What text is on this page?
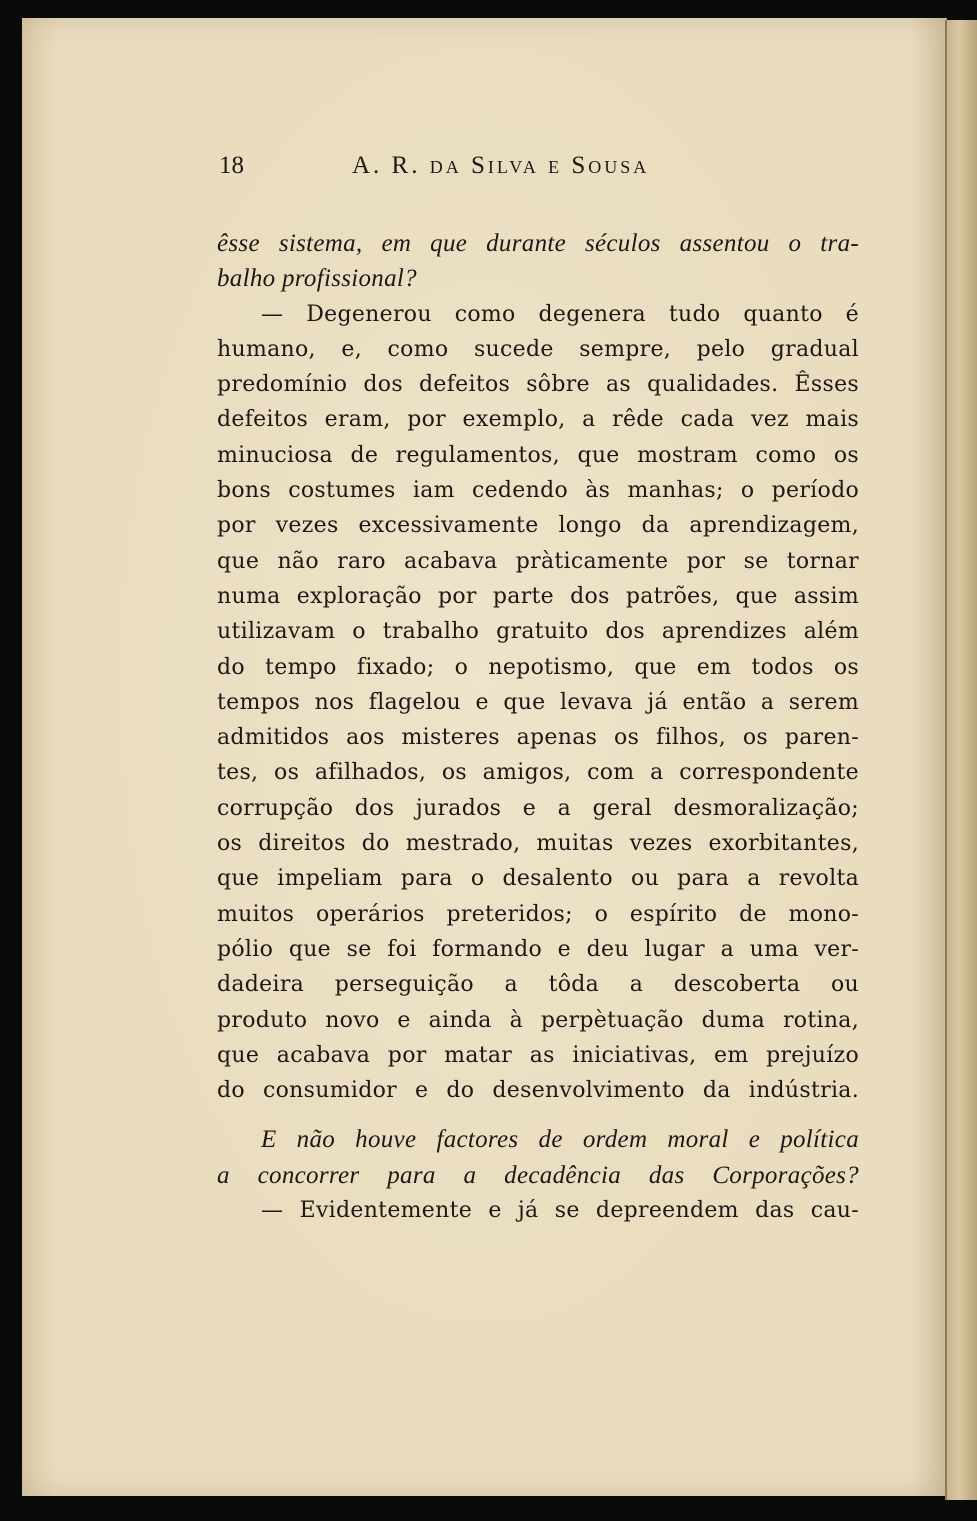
18	A. R. da Silva e Sousa
êsse sistema, em que durante séculos assentou o tra-
balho profissional?
— Degenerou como degenera tudo quanto é
humano, e, como sucede sempre, pelo gradual
predomínio dos defeitos sôbre as qualidades. Êsses
defeitos eram, por exemplo, a rêde cada vez mais
minuciosa de regulamentos, que mostram como os
bons costumes iam cedendo às manhas; o período
por vezes excessivamente longo da aprendizagem,
que não raro acabava pràticamente por se tornar
numa exploração por parte dos patrões, que assim
utilizavam o trabalho gratuito dos aprendizes além
do tempo fixado; o nepotismo, que em todos os
tempos nos flagelou e que levava já então a serem
admitidos aos misteres apenas os filhos, os paren-
tes, os afilhados, os amigos, com a correspondente
corrupção dos jurados e a geral desmoralização;
os direitos do mestrado, muitas vezes exorbitantes,
que impeliam para o desalento ou para a revolta
muitos operários preteridos; o espírito de mono-
pólio que se foi formando e deu lugar a uma ver-
dadeira perseguição a tôda a descoberta ou
produto novo e ainda à perpètuação duma rotina,
que acabava por matar as iniciativas, em prejuízo
do consumidor e do desenvolvimento da indústria.
E não houve factores de ordem moral e política
a concorrer para a decadência das Corporações?
— Evidentemente e já se depreendem das cau-
